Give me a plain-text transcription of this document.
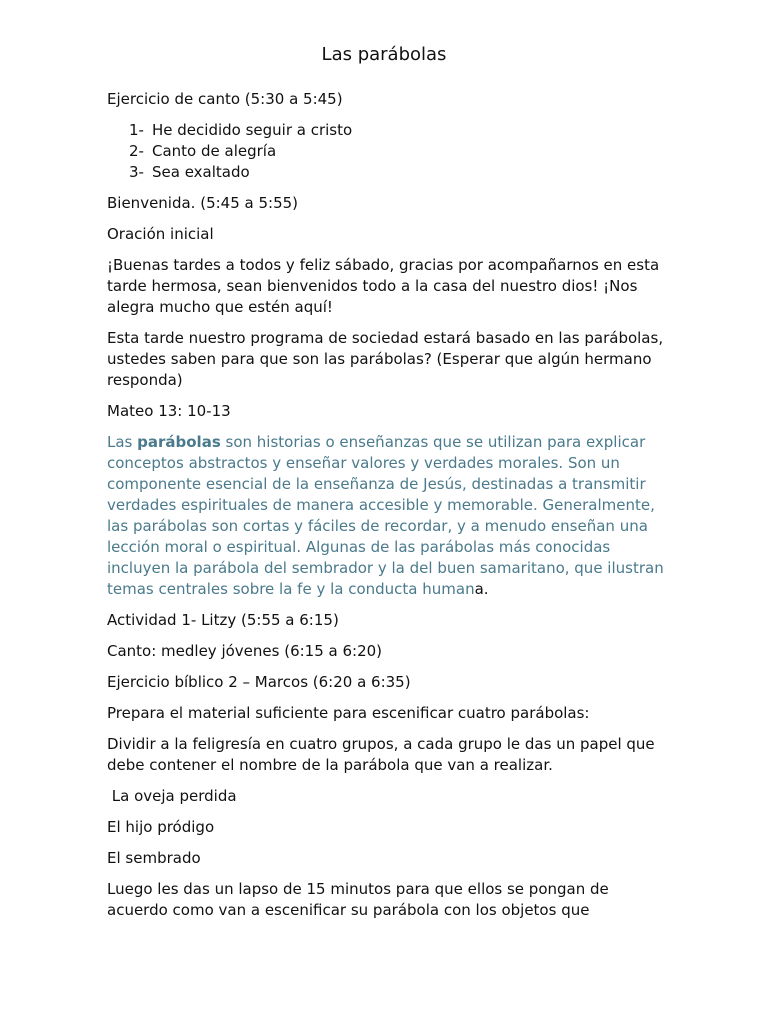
Las parábolas

Ejercicio de canto (5:30 a 5:45)

1- He decidido seguir a cristo
2- Canto de alegría
3- Sea exaltado

Bienvenida. (5:45 a 5:55)

Oración inicial

¡Buenas tardes a todos y feliz sábado, gracias por acompañarnos en esta tarde hermosa, sean bienvenidos todo a la casa del nuestro dios! ¡Nos alegra mucho que estén aquí!

Esta tarde nuestro programa de sociedad estará basado en las parábolas, ustedes saben para que son las parábolas? (Esperar que algún hermano responda)

Mateo 13: 10-13

Las parábolas son historias o enseñanzas que se utilizan para explicar conceptos abstractos y enseñar valores y verdades morales. Son un componente esencial de la enseñanza de Jesús, destinadas a transmitir verdades espirituales de manera accesible y memorable. Generalmente, las parábolas son cortas y fáciles de recordar, y a menudo enseñan una lección moral o espiritual. Algunas de las parábolas más conocidas incluyen la parábola del sembrador y la del buen samaritano, que ilustran temas centrales sobre la fe y la conducta humana.

Actividad 1- Litzy (5:55 a 6:15)

Canto: medley jóvenes (6:15 a 6:20)

Ejercicio bíblico 2 – Marcos (6:20 a 6:35)

Prepara el material suficiente para escenificar cuatro parábolas:

Dividir a la feligresía en cuatro grupos, a cada grupo le das un papel que debe contener el nombre de la parábola que van a realizar.

La oveja perdida

El hijo pródigo

El sembrado

Luego les das un lapso de 15 minutos para que ellos se pongan de acuerdo como van a escenificar su parábola con los objetos que
